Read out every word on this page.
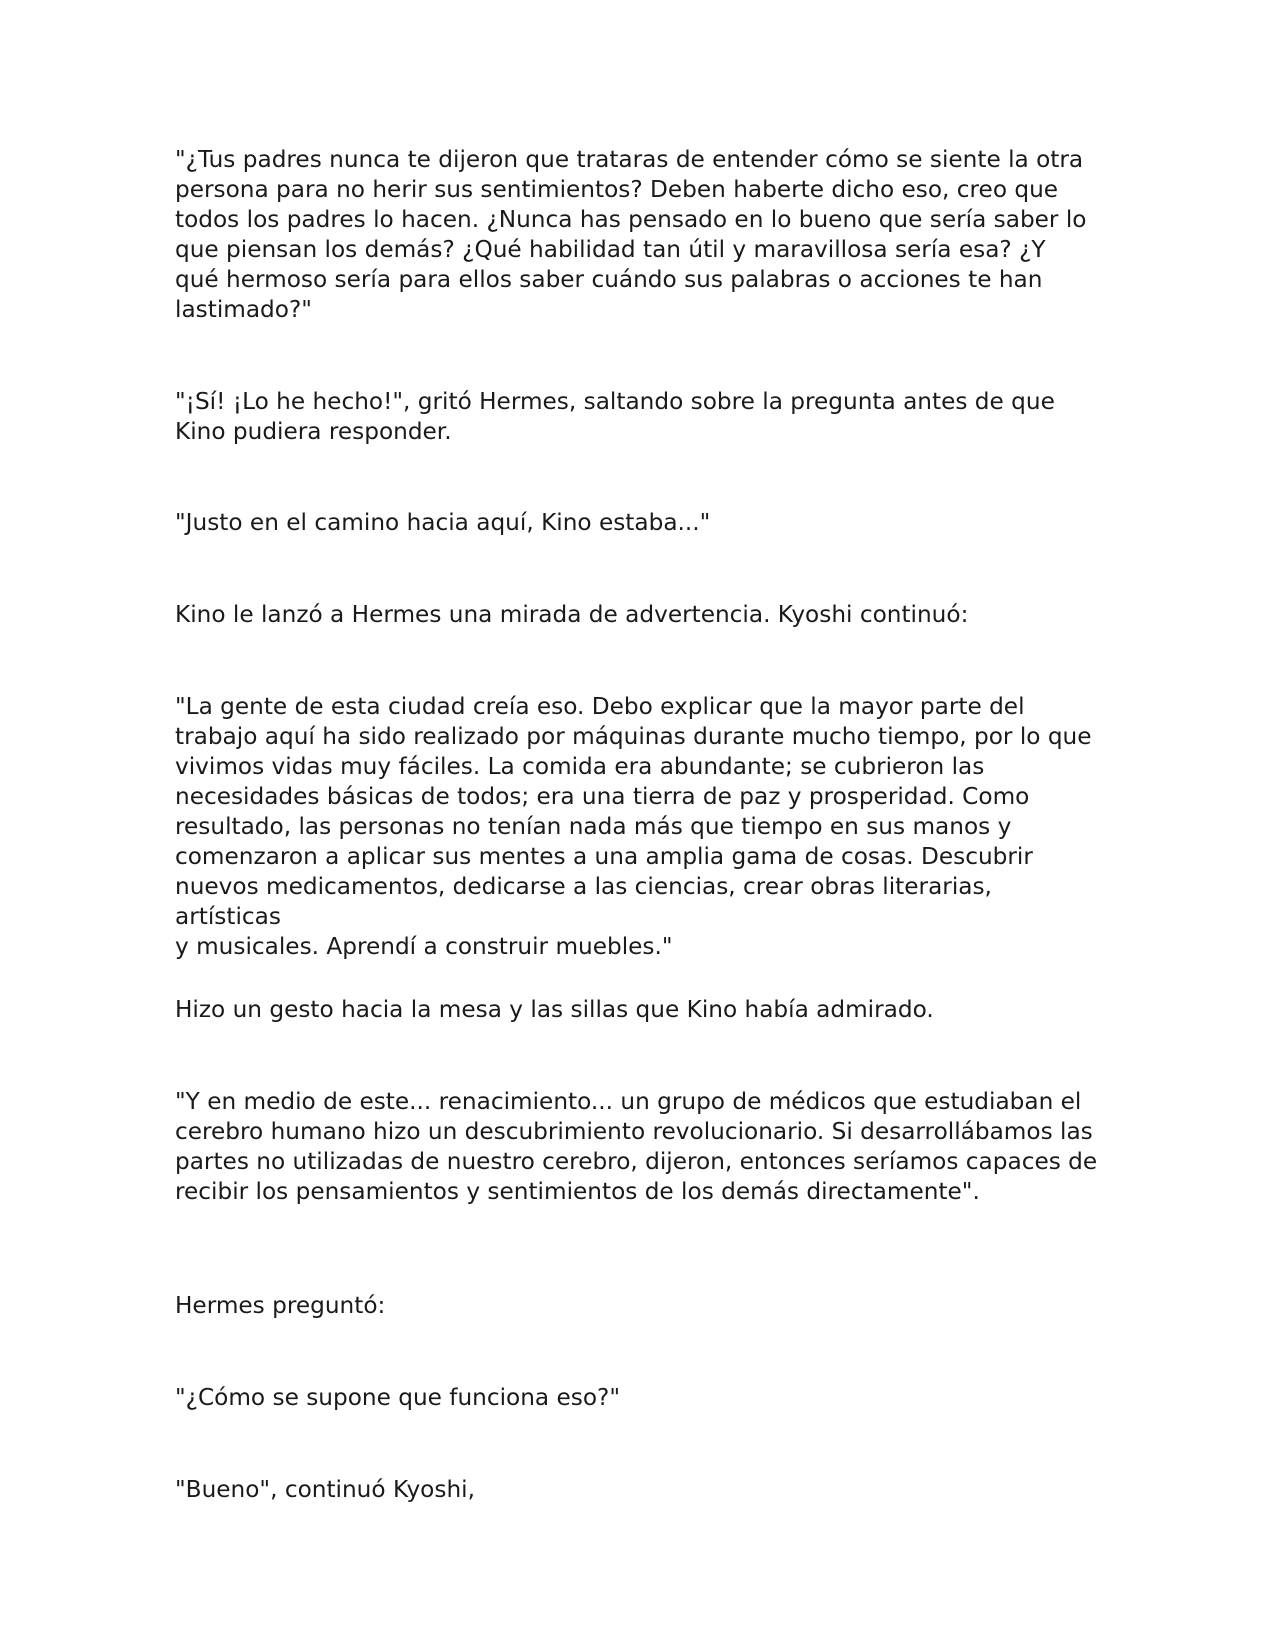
"¿Tus padres nunca te dijeron que trataras de entender cómo se siente la otra
persona para no herir sus sentimientos? Deben haberte dicho eso, creo que
todos los padres lo hacen. ¿Nunca has pensado en lo bueno que sería saber lo
que piensan los demás? ¿Qué habilidad tan útil y maravillosa sería esa? ¿Y
qué hermoso sería para ellos saber cuándo sus palabras o acciones te han
lastimado?"

"¡Sí! ¡Lo he hecho!", gritó Hermes, saltando sobre la pregunta antes de que
Kino pudiera responder.

"Justo en el camino hacia aquí, Kino estaba..."

Kino le lanzó a Hermes una mirada de advertencia. Kyoshi continuó:

"La gente de esta ciudad creía eso. Debo explicar que la mayor parte del
trabajo aquí ha sido realizado por máquinas durante mucho tiempo, por lo que
vivimos vidas muy fáciles. La comida era abundante; se cubrieron las
necesidades básicas de todos; era una tierra de paz y prosperidad. Como
resultado, las personas no tenían nada más que tiempo en sus manos y
comenzaron a aplicar sus mentes a una amplia gama de cosas. Descubrir
nuevos medicamentos, dedicarse a las ciencias, crear obras literarias, artísticas
y musicales. Aprendí a construir muebles."

Hizo un gesto hacia la mesa y las sillas que Kino había admirado.

"Y en medio de este... renacimiento... un grupo de médicos que estudiaban el
cerebro humano hizo un descubrimiento revolucionario. Si desarrollábamos las
partes no utilizadas de nuestro cerebro, dijeron, entonces seríamos capaces de
recibir los pensamientos y sentimientos de los demás directamente".

Hermes preguntó:

"¿Cómo se supone que funciona eso?"

"Bueno", continuó Kyoshi,
